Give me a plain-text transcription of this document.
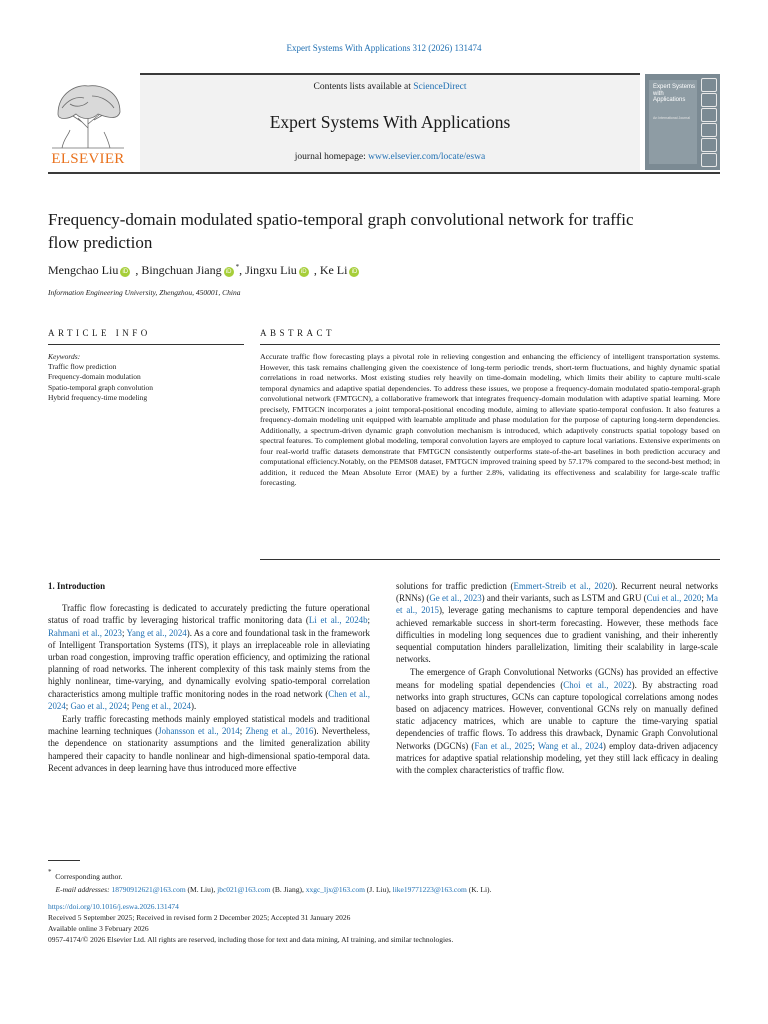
Expert Systems With Applications 312 (2026) 131474
ELSEVIER
Contents lists available at ScienceDirect
Expert Systems With Applications
journal homepage: www.elsevier.com/locate/eswa
Expert Systems with Applications
An International Journal
Frequency-domain modulated spatio-temporal graph convolutional network for traffic flow prediction
Mengchao Liu iD , Bingchuan Jiang iD*, Jingxu Liu iD , Ke Li iD
Information Engineering University, Zhengzhou, 450001, China
ARTICLE INFO	ABSTRACT
Keywords:
Traffic flow prediction
Frequency-domain modulation
Spatio-temporal graph convolution
Hybrid frequency-time modeling
Accurate traffic flow forecasting plays a pivotal role in relieving congestion and enhancing the efficiency of intelligent transportation systems. However, this task remains challenging given the coexistence of long-term periodic trends, short-term fluctuations, and highly dynamic spatial correlations in road networks. Most existing studies rely heavily on time-domain modeling, which limits their ability to capture multi-scale temporal dynamics and adaptive spatial dependencies. To address these issues, we propose a frequency-domain modulated spatio-temporal-graph convolutional network (FMTGCN), a collaborative framework that integrates frequency-domain modulation with adaptive spatial learning. More precisely, FMTGCN incorporates a joint temporal-positional encoding module, aiming to alleviate spatio-temporal confusion. It also features a frequency-domain modeling unit equipped with learnable amplitude and phase modulation for the purpose of capturing long-term dependencies. Additionally, a spectrum-driven dynamic graph convolution mechanism is introduced, which adaptively constructs spatial topology based on spectral features. To complement global modeling, temporal convolution layers are employed to capture local variations. Extensive experiments on four real-world traffic datasets demonstrate that FMTGCN consistently outperforms state-of-the-art baselines in both prediction accuracy and computational efficiency.Notably, on the PEMS08 dataset, FMTGCN improved training speed by 57.17% compared to the second-best method; in addition, it reduced the Mean Absolute Error (MAE) by a further 2.8%, validating its effectiveness and scalability for large-scale traffic forecasting.
1. Introduction
Traffic flow forecasting is dedicated to accurately predicting the future operational status of road traffic by leveraging historical traffic monitoring data (Li et al., 2024b; Rahmani et al., 2023; Yang et al., 2024). As a core and foundational task in the framework of Intelligent Transportation Systems (ITS), it plays an irreplaceable role in alleviating urban road congestion, improving traffic operation efficiency, and optimizing the rational planning of road networks. The inherent complexity of this task mainly stems from the highly nonlinear, time-varying, and dynamically evolving spatio-temporal correlation characteristics among multiple traffic monitoring nodes in the road network (Chen et al., 2024; Gao et al., 2024; Peng et al., 2024).
Early traffic forecasting methods mainly employed statistical models and traditional machine learning techniques (Johansson et al., 2014; Zheng et al., 2016). Nevertheless, the dependence on stationarity assumptions and the limited generalization ability hampered their capacity to handle nonlinear and high-dimensional spatio-temporal data. Recent advances in deep learning have thus introduced more effective
solutions for traffic prediction (Emmert-Streib et al., 2020). Recurrent neural networks (RNNs) (Ge et al., 2023) and their variants, such as LSTM and GRU (Cui et al., 2020; Ma et al., 2015), leverage gating mechanisms to capture temporal dependencies and have achieved remarkable success in short-term forecasting. However, these methods face difficulties in modeling long sequences due to gradient vanishing, and their inherently sequential computation hinders parallelization, limiting their scalability in large-scale networks.
The emergence of Graph Convolutional Networks (GCNs) has provided an effective means for modeling spatial dependencies (Choi et al., 2022). By abstracting road networks into graph structures, GCNs can capture topological correlations among nodes based on adjacency matrices. However, conventional GCNs rely on manually defined static adjacency matrices, which are unable to capture the time-varying spatial dependencies of traffic flows. To address this drawback, Dynamic Graph Convolutional Networks (DGCNs) (Fan et al., 2025; Wang et al., 2024) employ data-driven adjacency matrices for adaptive spatial relationship modeling, yet they still lack efficacy in dealing with the complex characteristics of traffic flow.
* Corresponding author.
E-mail addresses: 18790912621@163.com (M. Liu), jbc021@163.com (B. Jiang), xxgc_ljx@163.com (J. Liu), like19771223@163.com (K. Li).
https://doi.org/10.1016/j.eswa.2026.131474
Received 5 September 2025; Received in revised form 2 December 2025; Accepted 31 January 2026
Available online 3 February 2026
0957-4174/© 2026 Elsevier Ltd. All rights are reserved, including those for text and data mining, AI training, and similar technologies.
